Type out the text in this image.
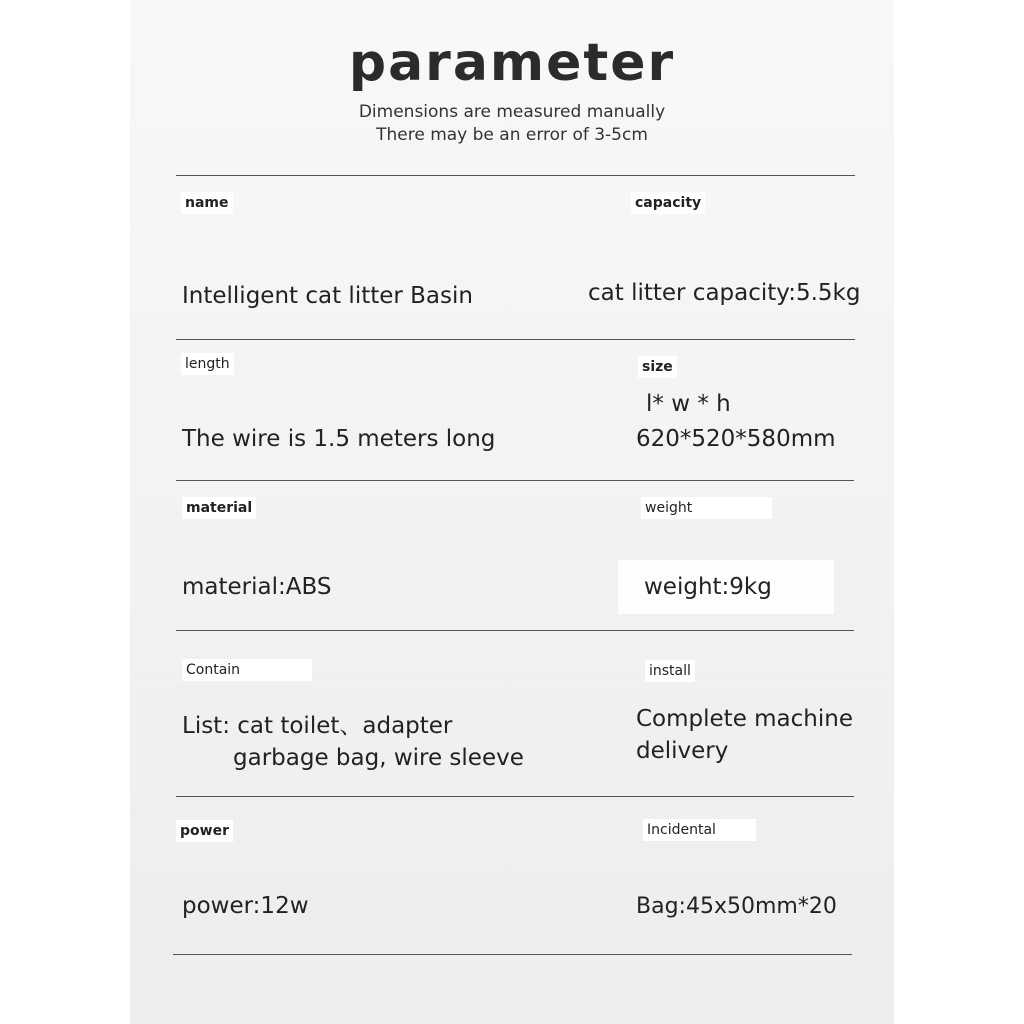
parameter
Dimensions are measured manually
There may be an error of 3-5cm
name
Intelligent cat litter Basin
capacity
cat litter capacity:5.5kg
length
The wire is 1.5 meters long
size
l* w * h
620*520*580mm
material
material:ABS
weight
weight:9kg
Contain
List: cat toilet、adapter
garbage bag, wire sleeve
install
Complete machine
delivery
power
power:12w
Incidental
Bag:45x50mm*20
